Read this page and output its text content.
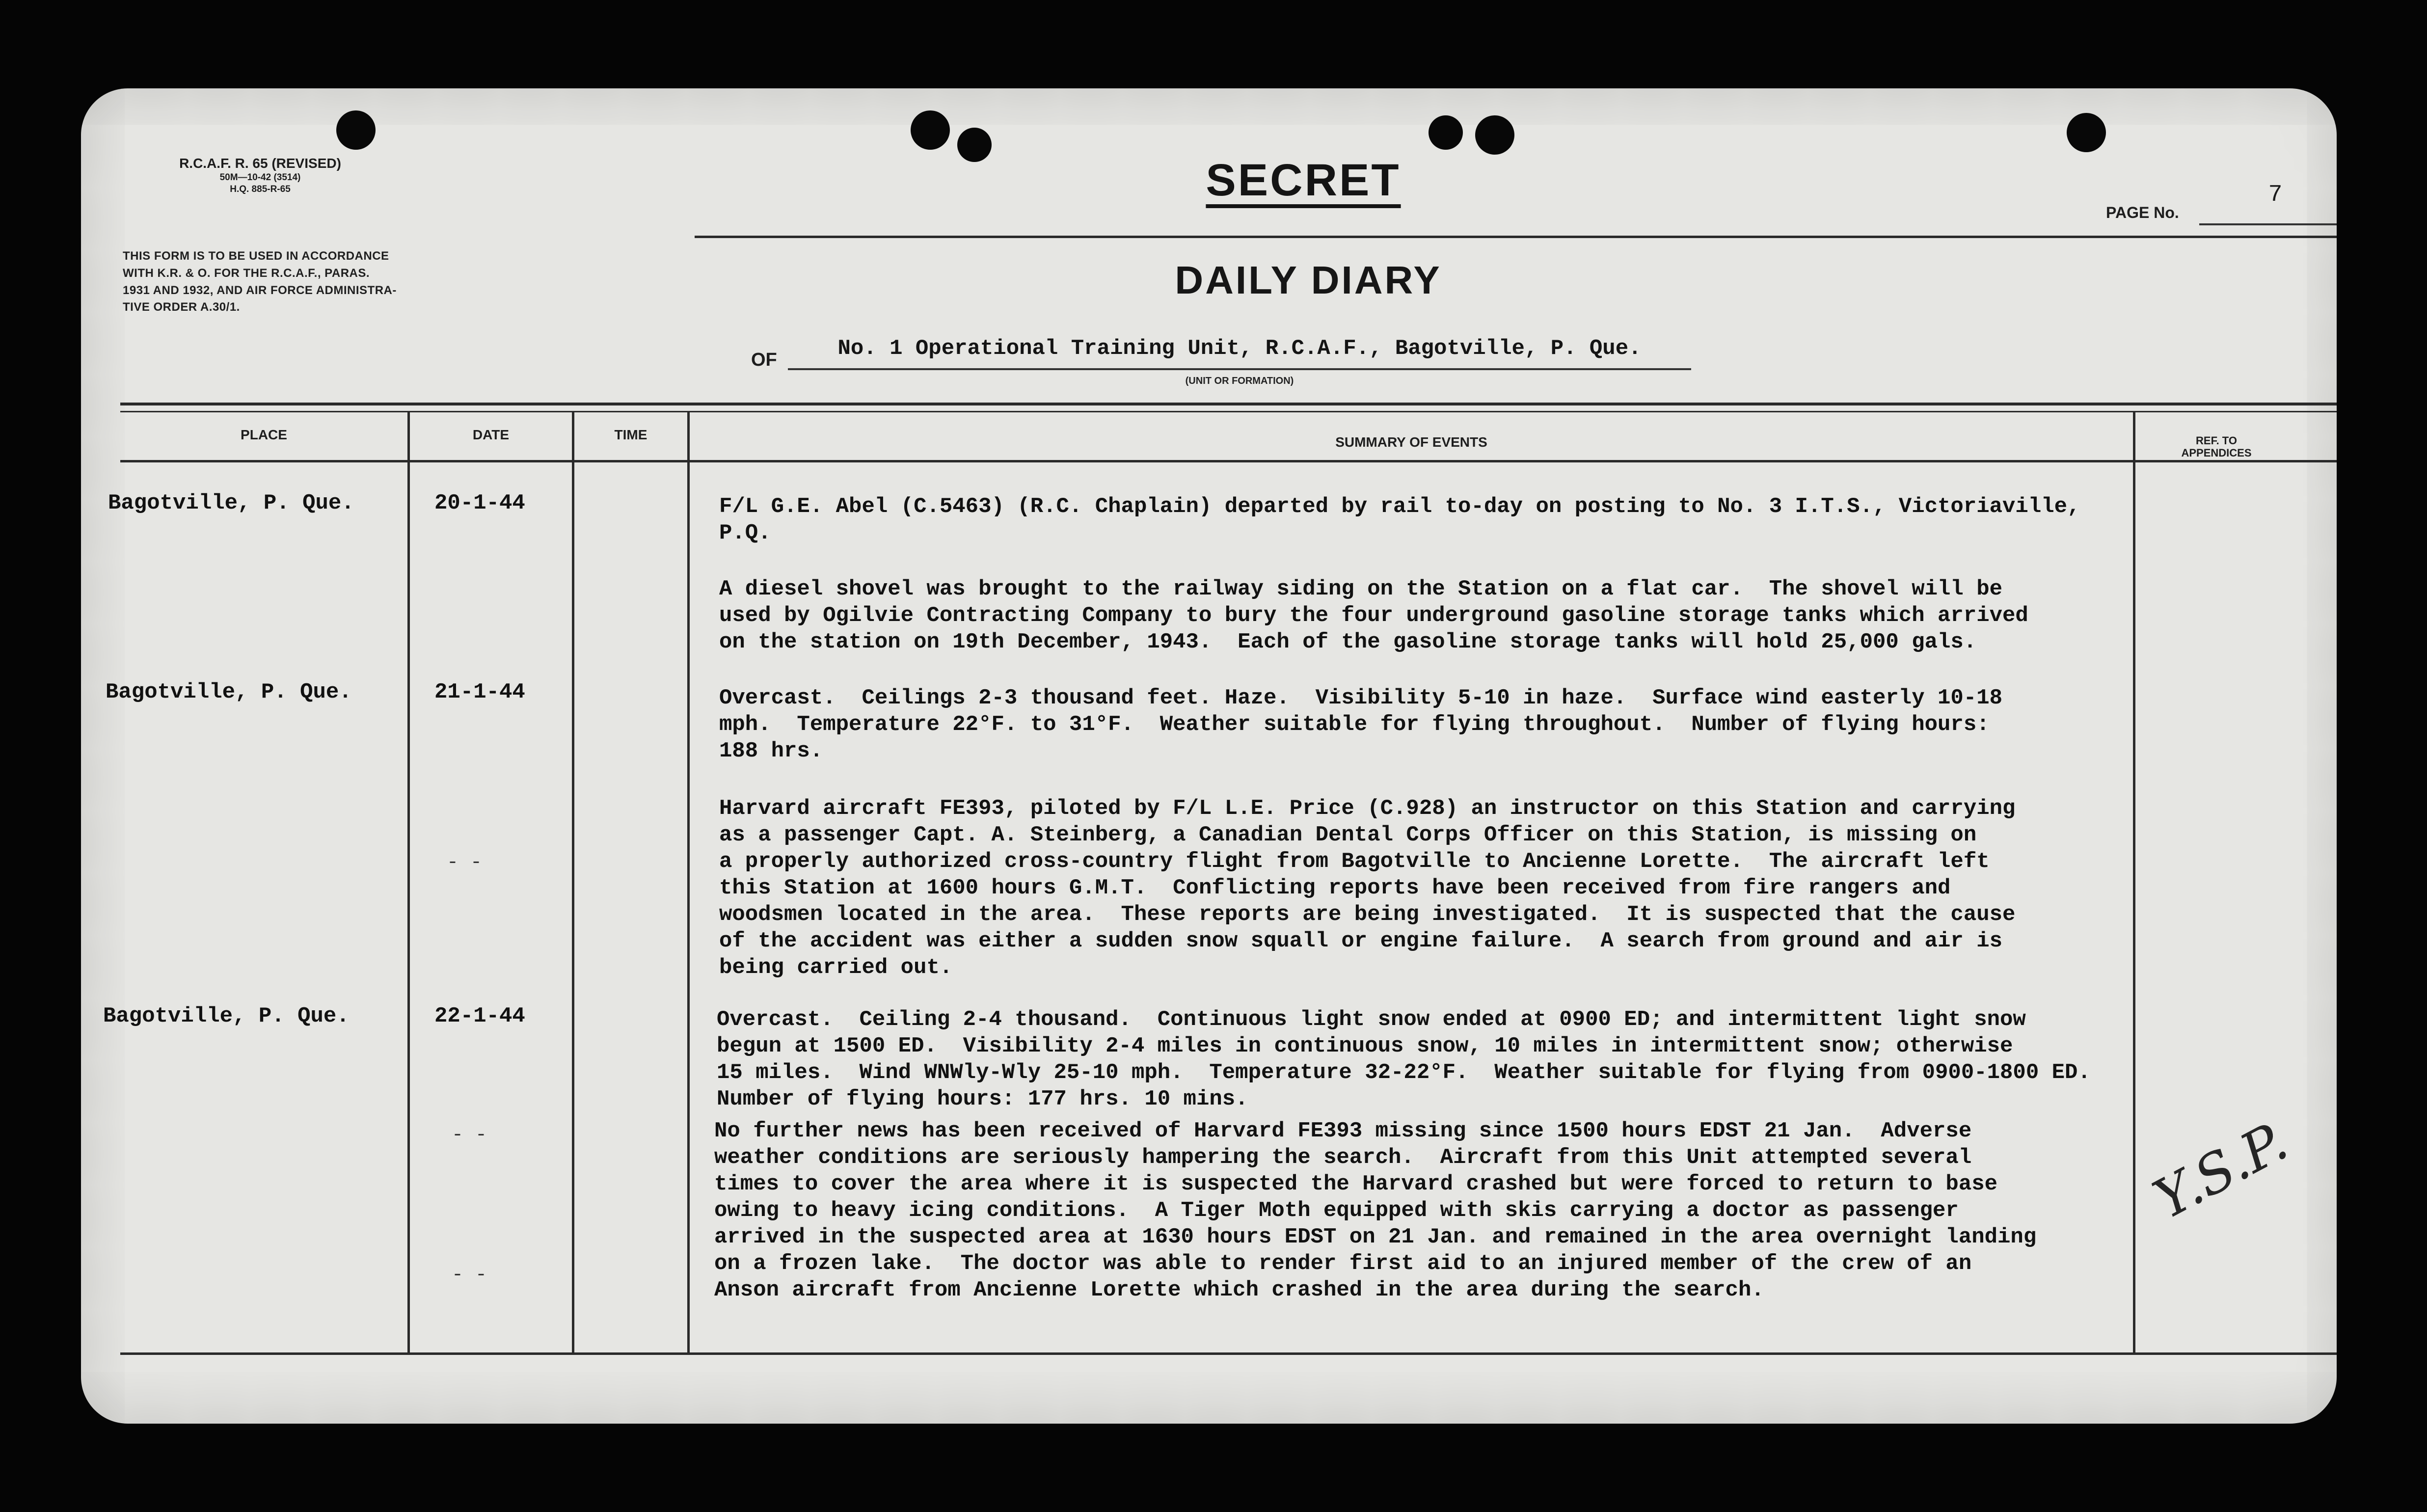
R.C.A.F. R. 65 (REVISED)
50M—10-42 (3514)
H.Q. 885-R-65
THIS FORM IS TO BE USED IN ACCORDANCE
WITH K.R. & O. FOR THE R.C.A.F., PARAS.
1931 AND 1932, AND AIR FORCE ADMINISTRA-
TIVE ORDER A.30/1.
SECRET
PAGE No.
7
DAILY DIARY
OF	No. 1 Operational Training Unit, R.C.A.F., Bagotville, P. Que.
(UNIT OR FORMATION)
PLACE	DATE	TIME	SUMMARY OF EVENTS	REF. TO
APPENDICES
Bagotville, P. Que.	20-1-44	F/L G.E. Abel (C.5463) (R.C. Chaplain) departed by rail to-day on posting to No. 3 I.T.S., Victoriaville,
P.Q.
A diesel shovel was brought to the railway siding on the Station on a flat car.  The shovel will be
used by Ogilvie Contracting Company to bury the four underground gasoline storage tanks which arrived
on the station on 19th December, 1943.  Each of the gasoline storage tanks will hold 25,000 gals.
Bagotville, P. Que.	21-1-44	Overcast.  Ceilings 2-3 thousand feet. Haze.  Visibility 5-10 in haze.  Surface wind easterly 10-18
mph.  Temperature 22°F. to 31°F.  Weather suitable for flying throughout.  Number of flying hours:
188 hrs.
- -
Harvard aircraft FE393, piloted by F/L L.E. Price (C.928) an instructor on this Station and carrying
as a passenger Capt. A. Steinberg, a Canadian Dental Corps Officer on this Station, is missing on
a properly authorized cross-country flight from Bagotville to Ancienne Lorette.  The aircraft left
this Station at 1600 hours G.M.T.  Conflicting reports have been received from fire rangers and
woodsmen located in the area.  These reports are being investigated.  It is suspected that the cause
of the accident was either a sudden snow squall or engine failure.  A search from ground and air is
being carried out.
Bagotville, P. Que.	22-1-44	Overcast.  Ceiling 2-4 thousand.  Continuous light snow ended at 0900 ED; and intermittent light snow
begun at 1500 ED.  Visibility 2-4 miles in continuous snow, 10 miles in intermittent snow; otherwise
15 miles.  Wind WNWly-Wly 25-10 mph.  Temperature 32-22°F.  Weather suitable for flying from 0900-1800 ED.
Number of flying hours: 177 hrs. 10 mins.
- -
- -
No further news has been received of Harvard FE393 missing since 1500 hours EDST 21 Jan.  Adverse
weather conditions are seriously hampering the search.  Aircraft from this Unit attempted several
times to cover the area where it is suspected the Harvard crashed but were forced to return to base
owing to heavy icing conditions.  A Tiger Moth equipped with skis carrying a doctor as passenger
arrived in the suspected area at 1630 hours EDST on 21 Jan. and remained in the area overnight landing
on a frozen lake.  The doctor was able to render first aid to an injured member of the crew of an
Anson aircraft from Ancienne Lorette which crashed in the area during the search.
Y.S.P.
